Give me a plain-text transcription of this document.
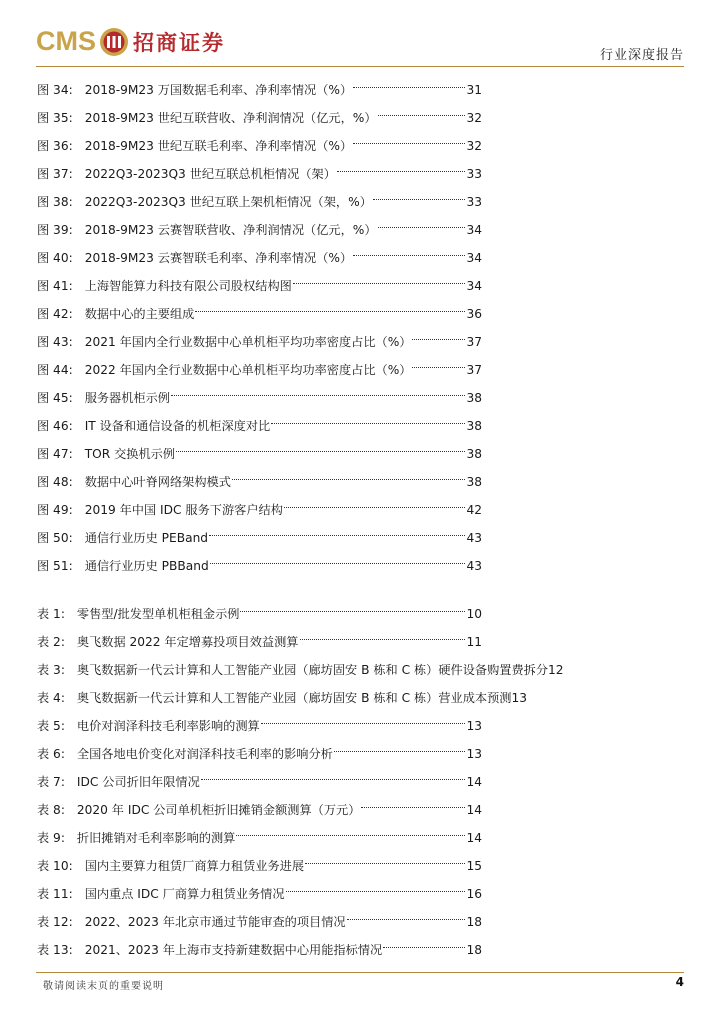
CMS 招商证券
行业深度报告
图 34: 2018-9M23 万国数据毛利率、净利率情况（%）	31
图 35: 2018-9M23 世纪互联营收、净利润情况（亿元，%）	32
图 36: 2018-9M23 世纪互联毛利率、净利率情况（%）	32
图 37: 2022Q3-2023Q3 世纪互联总机柜情况（架）	33
图 38: 2022Q3-2023Q3 世纪互联上架机柜情况（架，%）	33
图 39: 2018-9M23 云赛智联营收、净利润情况（亿元，%）	34
图 40: 2018-9M23 云赛智联毛利率、净利率情况（%）	34
图 41: 上海智能算力科技有限公司股权结构图	34
图 42: 数据中心的主要组成	36
图 43: 2021 年国内全行业数据中心单机柜平均功率密度占比（%）	37
图 44: 2022 年国内全行业数据中心单机柜平均功率密度占比（%）	37
图 45: 服务器机柜示例	38
图 46: IT 设备和通信设备的机柜深度对比	38
图 47: TOR 交换机示例	38
图 48: 数据中心叶脊网络架构模式	38
图 49: 2019 年中国 IDC 服务下游客户结构	42
图 50: 通信行业历史 PEBand	43
图 51: 通信行业历史 PBBand	43
表 1: 零售型/批发型单机柜租金示例	10
表 2: 奥飞数据 2022 年定增募投项目效益测算	11
表 3: 奥飞数据新一代云计算和人工智能产业园（廊坊固安 B 栋和 C 栋）硬件设备购置费拆分 12
表 4: 奥飞数据新一代云计算和人工智能产业园（廊坊固安 B 栋和 C 栋）营业成本预测 13
表 5: 电价对润泽科技毛利率影响的测算	13
表 6: 全国各地电价变化对润泽科技毛利率的影响分析	13
表 7: IDC 公司折旧年限情况	14
表 8: 2020 年 IDC 公司单机柜折旧摊销金额测算（万元）	14
表 9: 折旧摊销对毛利率影响的测算	14
表 10: 国内主要算力租赁厂商算力租赁业务进展	15
表 11: 国内重点 IDC 厂商算力租赁业务情况	16
表 12: 2022、2023 年北京市通过节能审查的项目情况	18
表 13: 2021、2023 年上海市支持新建数据中心用能指标情况	18
敬请阅读末页的重要说明	4
